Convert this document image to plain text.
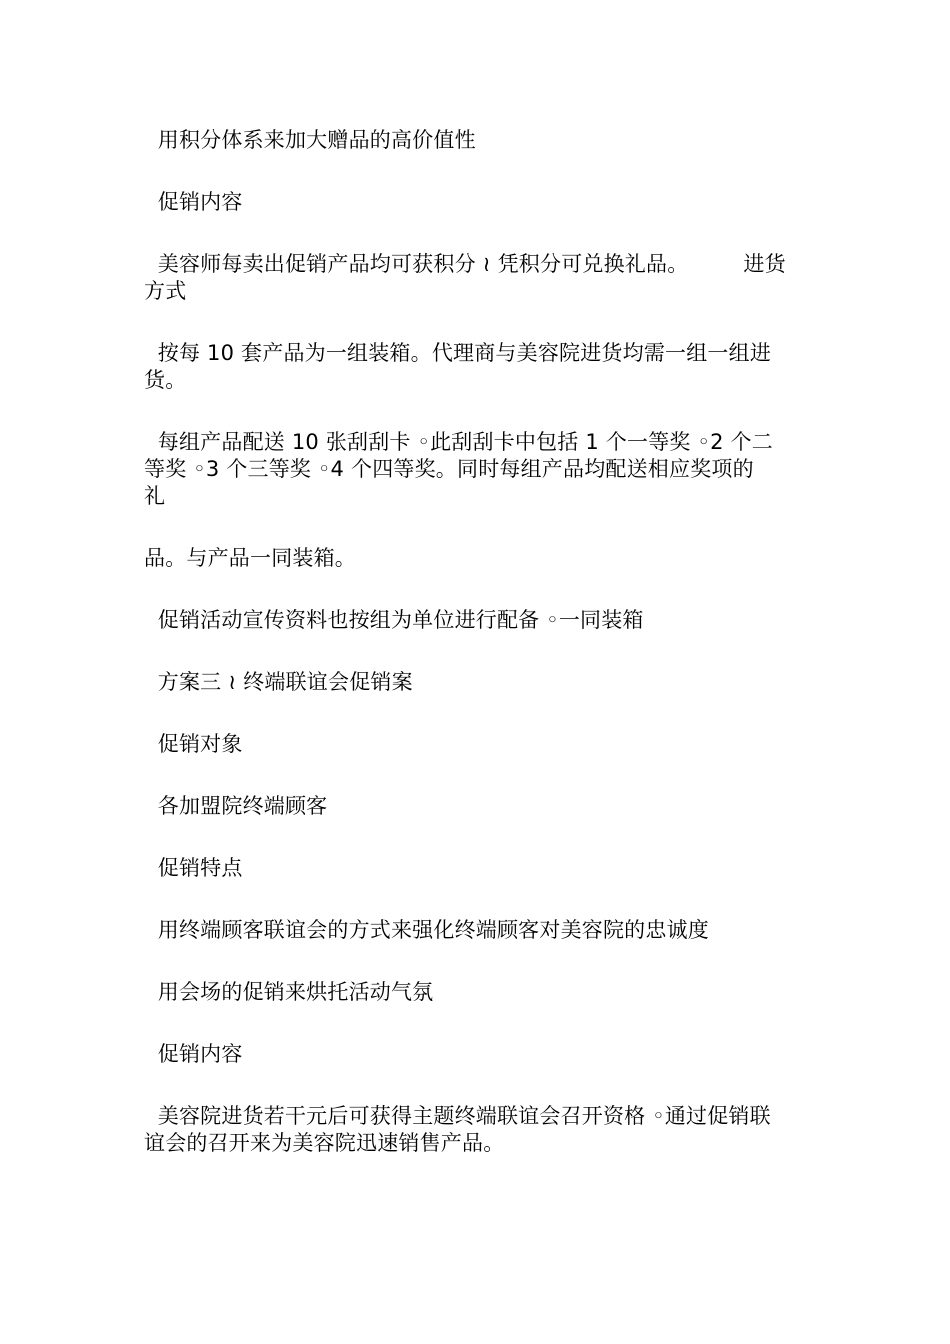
用积分体系来加大赠品的高价值性
促销内容
美容师每卖出促销产品均可获积分 ≀ 凭积分可兑换礼品。        进货
方式
按每 10 套产品为一组装箱。代理商与美容院进货均需一组一组进
货。
每组产品配送 10 张刮刮卡 ◦此刮刮卡中包括 1 个一等奖 ◦2 个二
等奖 ◦3 个三等奖 ◦4 个四等奖。同时每组产品均配送相应奖项的
礼
品。与产品一同装箱。
促销活动宣传资料也按组为单位进行配备 ◦一同装箱
方案三 ≀ 终端联谊会促销案
促销对象
各加盟院终端顾客
促销特点
用终端顾客联谊会的方式来强化终端顾客对美容院的忠诚度
用会场的促销来烘托活动气氛
促销内容
美容院进货若干元后可获得主题终端联谊会召开资格 ◦通过促销联
谊会的召开来为美容院迅速销售产品。
